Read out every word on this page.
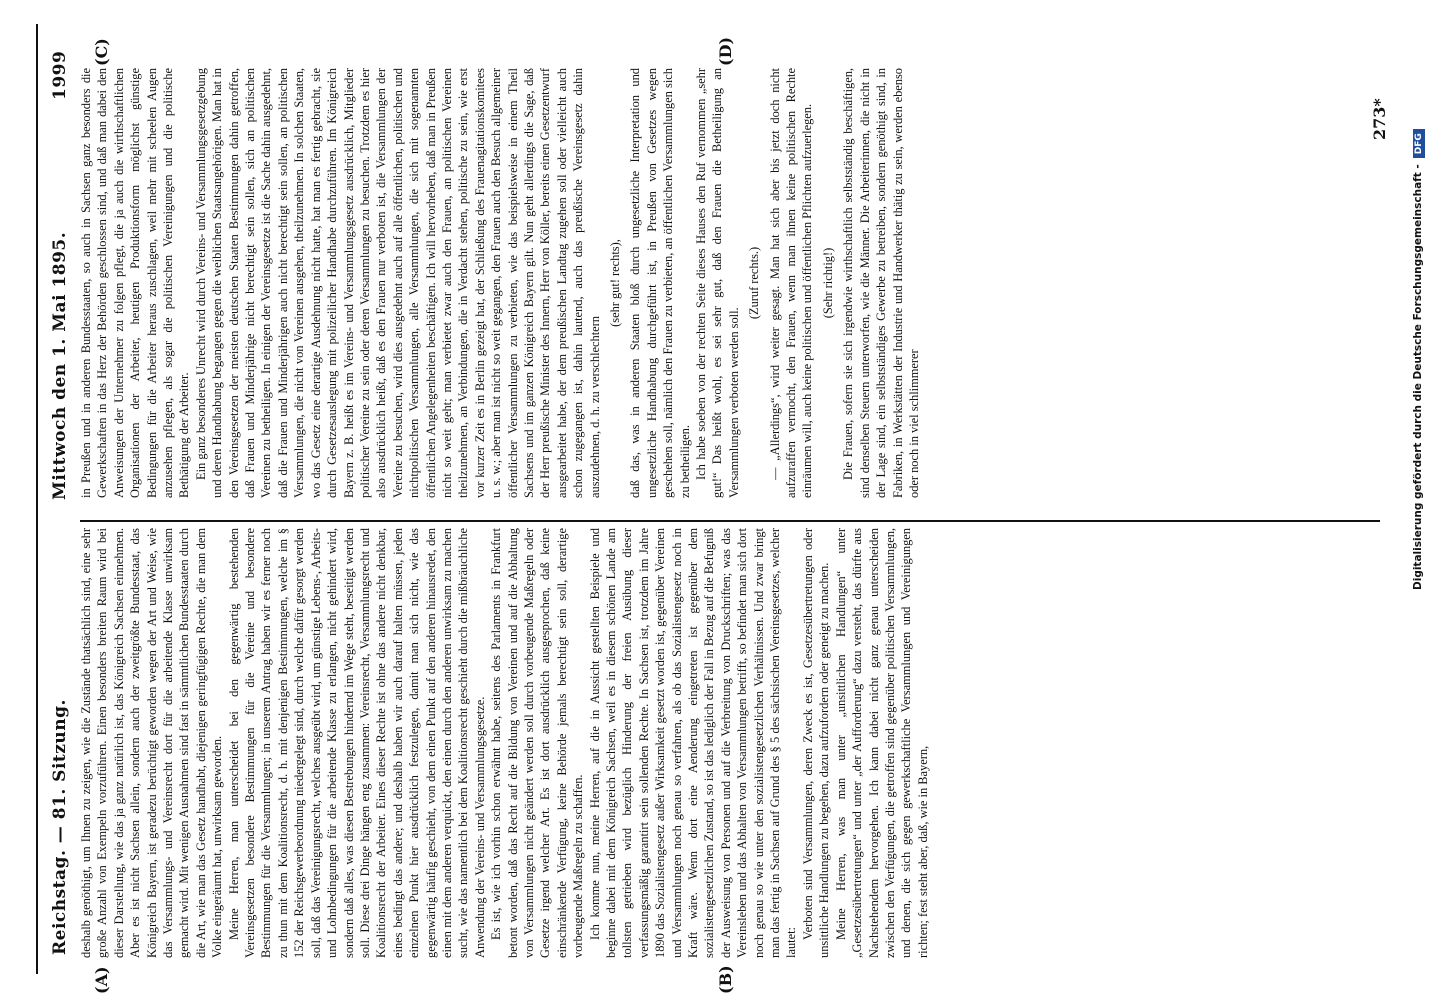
Reichstag. — 81. Sitzung.
Mittwoch den 1. Mai 1895.
1999
(A)	(B)
(C)	(D)

deshalb genöthigt, um Ihnen zu zeigen, wie die Zustände thatsächlich sind, eine sehr große Anzahl von Exempeln vorzuführen. Einen besonders breiten Raum wird bei dieser Darstellung, wie das ja ganz natürlich ist, das Königreich Sachsen einnehmen. Aber es ist nicht Sachsen allein, sondern auch der zweitgrößte Bundesstaat, das Königreich Bayern, ist geradezu berüchtigt geworden wegen der Art und Weise, wie das Versammlungs- und Vereinsrecht dort für die arbeitende Klasse unwirksam gemacht wird. Mit wenigen Ausnahmen sind fast in sämmtlichen Bundesstaaten durch die Art, wie man das Gesetz handhabt, diejenigen geringfügigen Rechte, die man dem Volke eingeräumt hat, unwirksam geworden. Meine Herren, man unterscheidet bei den gegenwärtig bestehenden Vereinsgesetzen besondere Bestimmungen für die Vereine und besondere Bestimmungen für die Versammlungen; in unserem Antrag haben wir es ferner noch zu thun mit dem Koalitionsrecht, d. h. mit denjenigen Bestimmungen, welche im § 152 der Reichsgewerbeordnung niedergelegt sind, durch welche dafür gesorgt werden soll, daß das Vereinigungsrecht, welches ausgeübt wird, um günstige Lebens-, Arbeits- und Lohnbedingungen für die arbeitende Klasse zu erlangen, nicht gehindert wird, sondern daß alles, was diesen Bestrebungen hindernd im Wege steht, beseitigt werden soll. Diese drei Dinge hängen eng zusammen: Vereinsrecht, Versammlungsrecht und Koalitionsrecht der Arbeiter. Eines dieser Rechte ist ohne das andere nicht denkbar, eines bedingt das andere; und deshalb haben wir auch darauf halten müssen, jeden einzelnen Punkt hier ausdrücklich festzulegen, damit man sich nicht, wie das gegenwärtig häufig geschieht, von dem einen Punkt auf den anderen hinausredet, den einen mit dem anderen verquickt, den einen durch den anderen unwirksam zu machen sucht, wie das namentlich bei dem Koalitionsrecht geschieht durch die mißbräuchliche Anwendung der Vereins- und Versammlungsgesetze. Es ist, wie ich vorhin schon erwähnt habe, seitens des Parlaments in Frankfurt betont worden, daß das Recht auf die Bildung von Vereinen und auf die Abhaltung von Versammlungen nicht geändert werden soll durch vorbeugende Maßregeln oder Gesetze irgend welcher Art. Es ist dort ausdrücklich ausgesprochen, daß keine einschränkende Verfügung, keine Behörde jemals berechtigt sein soll, derartige vorbeugende Maßregeln zu schaffen. Ich komme nun, meine Herren, auf die in Aussicht gestellten Beispiele und beginne dabei mit dem Königreich Sachsen, weil es in diesem schönen Lande am tollsten getrieben wird bezüglich Hinderung der freien Ausübung dieser verfassungsmäßig garantirt sein sollenden Rechte. In Sachsen ist, trotzdem im Jahre 1890 das Sozialistengesetz außer Wirksamkeit gesetzt worden ist, gegenüber Vereinen und Versammlungen noch genau so verfahren, als ob das Sozialistengesetz noch in Kraft wäre. Wenn dort eine Aenderung eingetreten ist gegenüber dem sozialistengesetzlichen Zustand, so ist das lediglich der Fall in Bezug auf die Befugniß der Ausweisung von Personen und auf die Verbreitung von Druckschriften; was das Vereinsleben und das Abhalten von Versammlungen betrifft, so befindet man sich dort noch genau so wie unter den sozialistengesetzlichen Verhältnissen. Und zwar bringt man das fertig in Sachsen auf Grund des § 5 des sächsischen Vereinsgesetzes, welcher lautet:

Verboten sind Versammlungen, deren Zweck es ist, Gesetzesübertretungen oder unsittliche Handlungen zu begehen, dazu aufzufordern oder geneigt zu machen. Meine Herren, was man unter „unsittlichen Handlungen“ unter „Gesetzesübertretungen“ und unter „der Aufforderung“ dazu versteht, das dürfte aus Nachstehendem hervorgehen. Ich kann dabei nicht ganz genau unterscheiden zwischen den Verfügungen, die getroffen sind gegenüber politischen Versammlungen, und denen, die sich gegen gewerkschaftliche Versammlungen und Vereinigungen richten; fest steht aber, daß, wie in Bayern,

in Preußen und in anderen Bundesstaaten, so auch in Sachsen ganz besonders die Gewerkschaften in das Herz der Behörden geschlossen sind, und daß man dabei den Anweisungen der Unternehmer zu folgen pflegt, die ja auch die wirthschaftlichen Organisationen der Arbeiter, heutigen Produktionsform möglichst günstige Bedingungen für die Arbeiter heraus zuschlagen, weil mehr mit scheelen Augen anzusehen pflegen, als sogar die politischen Vereinigungen und die politische Bethätigung der Arbeiter. Ein ganz besonderes Unrecht wird durch Vereins- und Versammlungsgesetzgebung und deren Handhabung begangen gegen die weiblichen Staatsangehörigen. Man hat in den Vereinsgesetzen der meisten deutschen Staaten Bestimmungen dahin getroffen, daß Frauen und Minderjährige nicht berechtigt sein sollen, sich an politischen Vereinen zu betheiligen. In einigen der Vereinsgesetze ist die Sache dahin ausgedehnt, daß die Frauen und Minderjährigen auch nicht berechtigt sein sollen, an politischen Versammlungen, die nicht von Vereinen ausgehen, theilzunehmen. In solchen Staaten, wo das Gesetz eine derartige Ausdehnung nicht hatte, hat man es fertig gebracht, sie durch Gesetzesauslegung mit polizeilicher Handhabe durchzuführen. Im Königreich Bayern z. B. heißt es im Vereins- und Versammlungsgesetz ausdrücklich, Mitglieder politischer Vereine zu sein oder deren Versammlungen zu besuchen. Trotzdem es hier also ausdrücklich heißt, daß es den Frauen nur verboten ist, die Versammlungen der Vereine zu besuchen, wird dies ausgedehnt auch auf alle öffentlichen, politischen und nichtpolitischen Versammlungen, alle Versammlungen, die sich mit sogenannten öffentlichen Angelegenheiten beschäftigen. Ich will hervorheben, daß man in Preußen nicht so weit geht; man verbietet zwar auch den Frauen, an politischen Vereinen theilzunehmen, an Verbindungen, die in Verdacht stehen, politische zu sein, wie erst vor kurzer Zeit es in Berlin gezeigt hat, der Schließung des Frauenagitationskomitees u. s. w.; aber man ist nicht so weit gegangen, den Frauen auch den Besuch allgemeiner öffentlicher Versammlungen zu verbieten, wie das beispielsweise in einem Theil Sachsens und im ganzen Königreich Bayern gilt. Nun geht allerdings die Sage, daß der Herr preußische Minister des Innern, Herr von Köller, bereits einen Gesetzentwurf ausgearbeitet habe, der dem preußischen Landtag zugehen soll oder vielleicht auch schon zugegangen ist, dahin lautend, auch das preußische Vereinsgesetz dahin auszudehnen, d. h. zu verschlechtern

(sehr gut! rechts), daß das, was in anderen Staaten bloß durch ungesetzliche Interpretation und ungesetzliche Handhabung durchgeführt ist, in Preußen von Gesetzes wegen geschehen soll, nämlich den Frauen zu verbieten, an öffentlichen Versammlungen sich zu betheiligen. Ich habe soeben von der rechten Seite dieses Hauses den Ruf vernommen „sehr gut!“ Das heißt wohl, es sei sehr gut, daß den Frauen die Betheiligung an Versammlungen verboten werden soll.

(Zuruf rechts.) — „Allerdings“, wird weiter gesagt. Man hat sich aber bis jetzt doch nicht aufzuraffen vermocht, den Frauen, wenn man ihnen keine politischen Rechte einräumen will, auch keine politischen und öffentlichen Pflichten aufzuerlegen. (Sehr richtig!) Die Frauen, sofern sie sich irgendwie wirthschaftlich selbstständig beschäftigen, sind denselben Steuern unterworfen, wie die Männer. Die Arbeiterinnen, die nicht in der Lage sind, ein selbstständiges Gewerbe zu betreiben, sondern genöthigt sind, in Fabriken, in Werkstätten der Industrie und Handwerker thätig zu sein, werden ebenso oder noch in viel schlimmerer

273*
Digitalisierung gefördert durch die Deutsche Forschungsgemeinschaft -DFG
